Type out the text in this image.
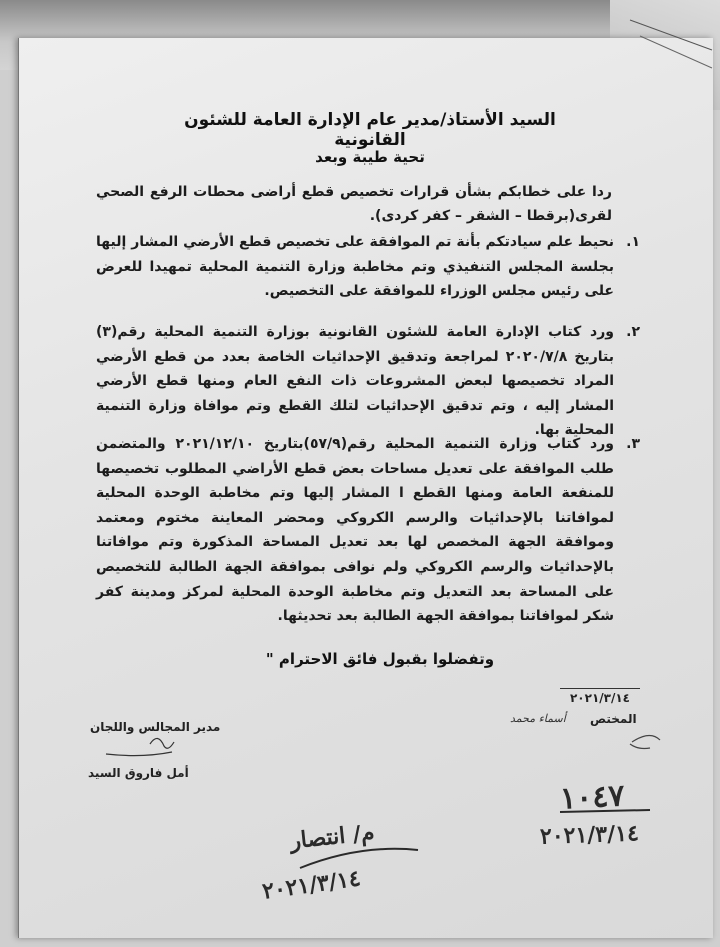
السيد الأستاذ/مدير عام الإدارة العامة للشئون القانونية
تحية طيبة وبعد
ردا على خطابكم بشأن قرارات تخصيص قطع أراضى محطات الرفع الصحي لقرى(برقطا – الشقر – كفر كردى).
١.
نحيط علم سيادتكم بأنة تم الموافقة على تخصيص قطع الأرضي المشار إليها بجلسة المجلس التنفيذي وتم مخاطبة وزارة التنمية المحلية تمهيدا للعرض على رئيس مجلس الوزراء للموافقة على التخصيص.
٢.
ورد كتاب الإدارة العامة للشئون القانونية بوزارة التنمية المحلية رقم(٣) بتاريخ ٢٠٢٠/٧/٨ لمراجعة وتدقيق الإحداثيات الخاصة بعدد من قطع الأرضي المراد تخصيصها لبعض المشروعات ذات النفع العام ومنها قطع الأرضي المشار إليه ، وتم تدقيق الإحداثيات لتلك القطع وتم موافاة وزارة التنمية المحلية بها.
٣.
ورد كتاب وزارة التنمية المحلية رقم(٥٧/٩)بتاريخ ٢٠٢١/١٢/١٠ والمتضمن طلب الموافقة على تعديل مساحات بعض قطع الأراضي المطلوب تخصيصها للمنفعة العامة ومنها القطع ا المشار إليها وتم مخاطبة الوحدة المحلية لموافاتنا بالإحداثيات والرسم الكروكي ومحضر المعاينة مختوم ومعتمد وموافقة الجهة المخصص لها بعد تعديل المساحة المذكورة وتم موافاتنا بالإحداثيات والرسم الكروكي ولم نوافى بموافقة الجهة الطالبة للتخصيص على المساحة بعد التعديل وتم مخاطبة الوحدة المحلية لمركز ومدينة كفر شكر لموافاتنا بموافقة الجهة الطالبة بعد تحديثها.
وتفضلوا بقبول فائق الاحترام "
٢٠٢١/٣/١٤
المختص
أسماء محمد
مدير المجالس واللجان
أمل فاروق السيد
١٠٤٧
٢٠٢١/٣/١٤
م/ انتصار
٢٠٢١/٣/١٤
